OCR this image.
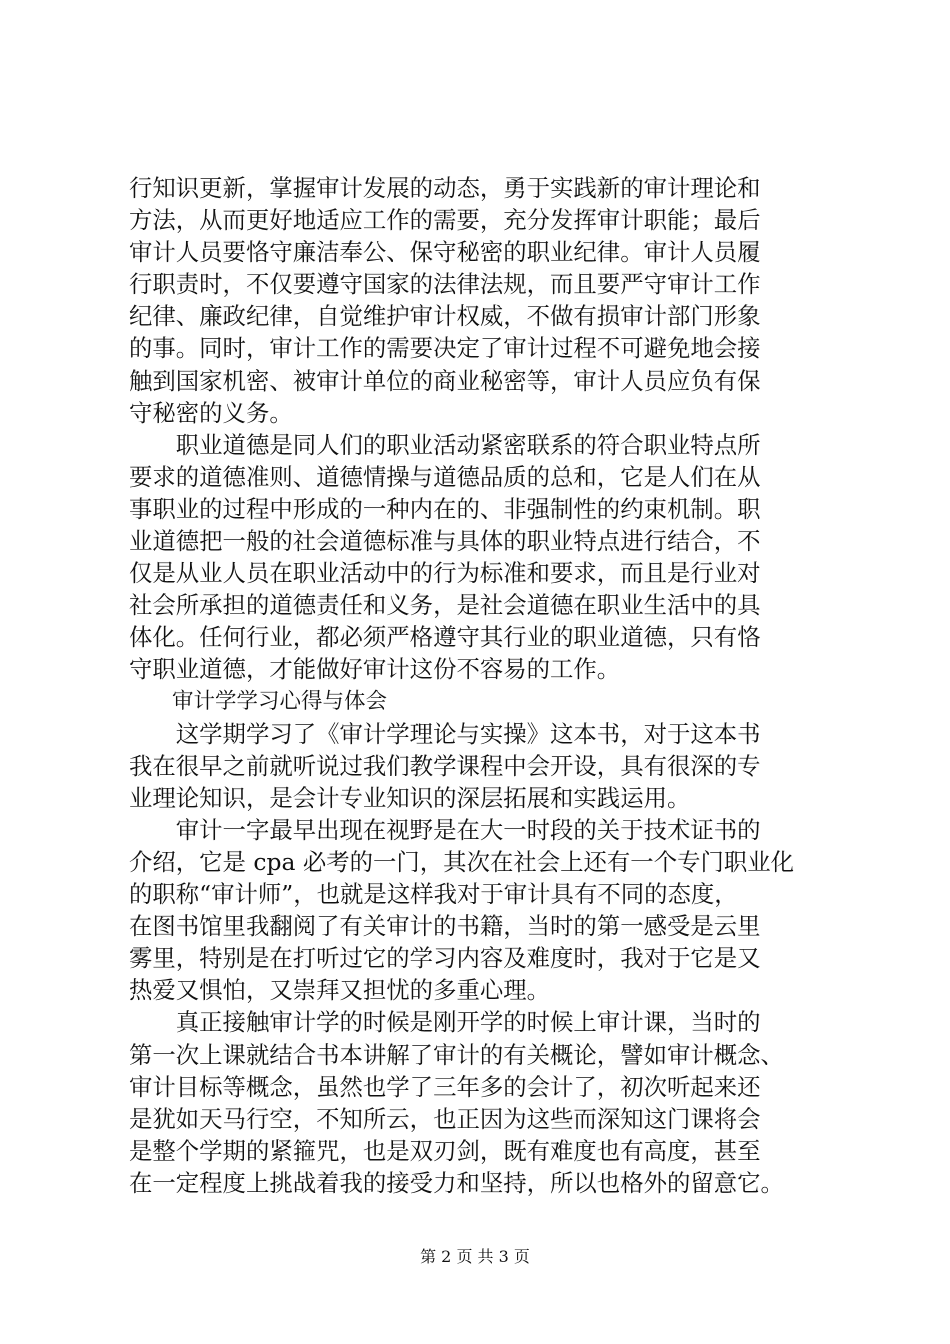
行知识更新，掌握审计发展的动态，勇于实践新的审计理论和
方法，从而更好地适应工作的需要，充分发挥审计职能；最后
审计人员要恪守廉洁奉公、保守秘密的职业纪律。审计人员履
行职责时，不仅要遵守国家的法律法规，而且要严守审计工作
纪律、廉政纪律，自觉维护审计权威，不做有损审计部门形象
的事。同时，审计工作的需要决定了审计过程不可避免地会接
触到国家机密、被审计单位的商业秘密等，审计人员应负有保
守秘密的义务。
　　职业道德是同人们的职业活动紧密联系的符合职业特点所
要求的道德准则、道德情操与道德品质的总和，它是人们在从
事职业的过程中形成的一种内在的、非强制性的约束机制。职
业道德把一般的社会道德标准与具体的职业特点进行结合，不
仅是从业人员在职业活动中的行为标准和要求，而且是行业对
社会所承担的道德责任和义务，是社会道德在职业生活中的具
体化。任何行业，都必须严格遵守其行业的职业道德，只有恪
守职业道德，才能做好审计这份不容易的工作。
　　审计学学习心得与体会
　　这学期学习了《审计学理论与实操》这本书，对于这本书
我在很早之前就听说过我们教学课程中会开设，具有很深的专
业理论知识，是会计专业知识的深层拓展和实践运用。
　　审计一字最早出现在视野是在大一时段的关于技术证书的
介绍，它是 cpa 必考的一门，其次在社会上还有一个专门职业化
的职称“审计师”，也就是这样我对于审计具有不同的态度，
在图书馆里我翻阅了有关审计的书籍，当时的第一感受是云里
雾里，特别是在打听过它的学习内容及难度时，我对于它是又
热爱又惧怕，又崇拜又担忧的多重心理。
　　真正接触审计学的时候是刚开学的时候上审计课，当时的
第一次上课就结合书本讲解了审计的有关概论，譬如审计概念、
审计目标等概念，虽然也学了三年多的会计了，初次听起来还
是犹如天马行空，不知所云，也正因为这些而深知这门课将会
是整个学期的紧箍咒，也是双刃剑，既有难度也有高度，甚至
在一定程度上挑战着我的接受力和坚持，所以也格外的留意它。
第 2 页 共 3 页
